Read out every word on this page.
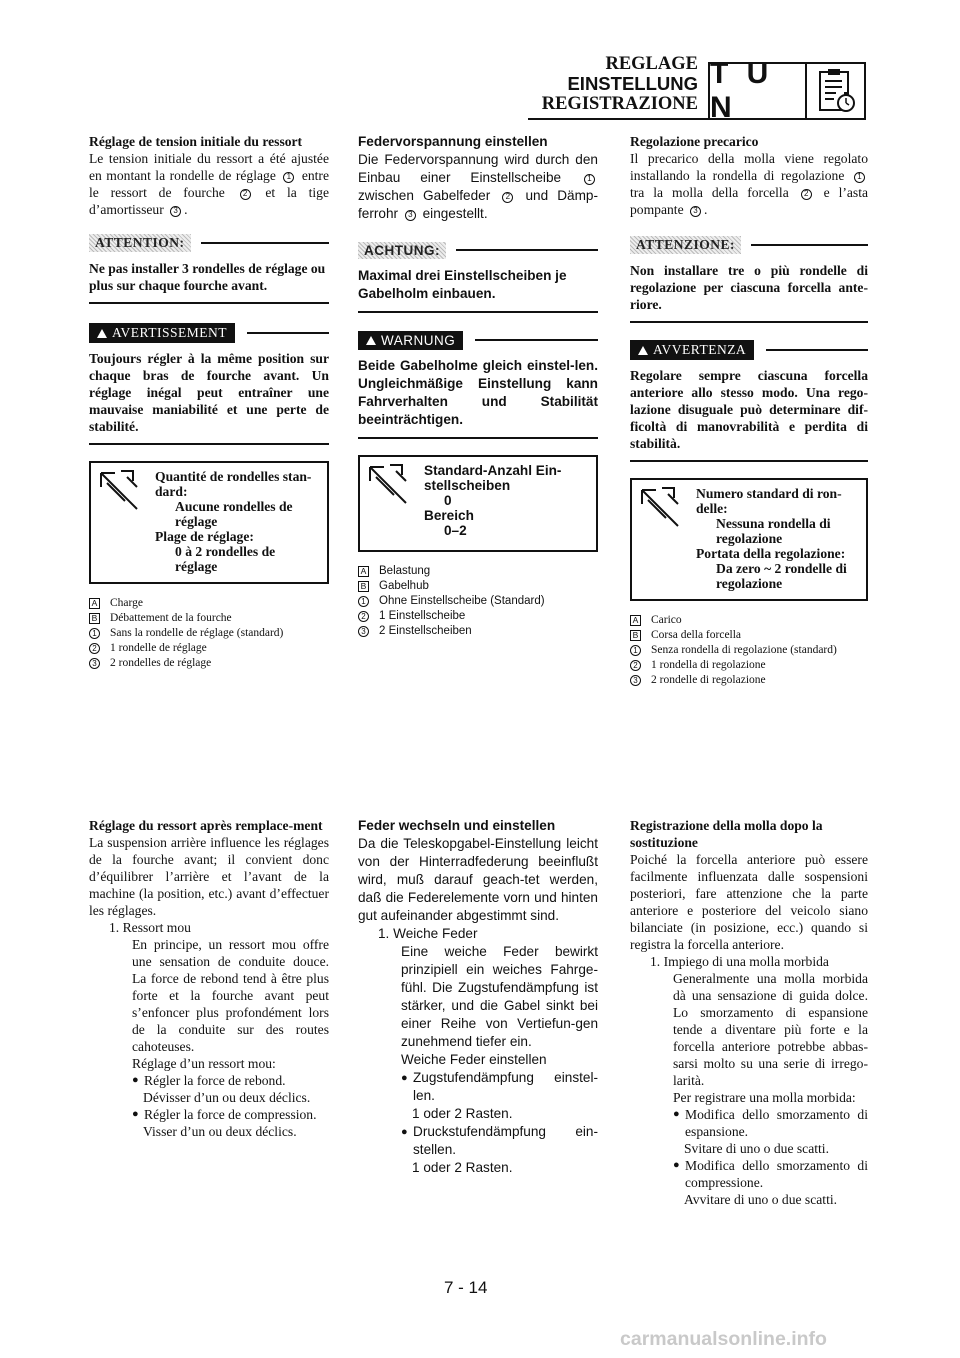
REGLAGE
EINSTELLUNG
REGISTRAZIONE
T U N
Réglage de tension initiale du ressort
Le tension initiale du ressort a été ajustée en montant la rondelle de réglage 1 entre le ressort de fourche 2 et la tige d’amortisseur 3 .
ATTENTION:
Ne pas installer 3 rondelles de réglage ou plus sur chaque fourche avant.
AVERTISSEMENT
Toujours régler à la même position sur chaque bras de fourche avant. Un réglage inégal peut entraîner une mauvaise maniabilité et une perte de stabilité.
Quantité de rondelles stan-
dard:
Aucune rondelles de
réglage
Plage de réglage:
0 à 2 rondelles de
réglage
A Charge
B Débattement de la fourche
1 Sans la rondelle de réglage (standard)
2 1 rondelle de réglage
3 2 rondelles de réglage
Federvorspannung einstellen
Die Federvorspannung wird durch den Einbau einer Einstellscheibe	1 zwischen Gabelfeder 2 und Dämp-ferrohr 3 eingestellt.
ACHTUNG:
Maximal drei Einstellscheiben je Gabelholm einbauen.
WARNUNG
Beide Gabelholme gleich einstel-len. Ungleichmäßige Einstellung kann Fahrverhalten und Stabilität beeinträchtigen.
Standard-Anzahl Ein-
stellscheiben
0
Bereich
0–2
A Belastung
B Gabelhub
1 Ohne Einstellscheibe (Standard)
2 1 Einstellscheibe
3 2 Einstellscheiben
Regolazione precarico
Il precarico della molla viene regolato installando la rondella di regolazione 1 tra la molla della forcella 2 e l’asta pompante 3 .
ATTENZIONE:
Non installare tre o più rondelle di regolazione per ciascuna forcella ante-riore.
AVVERTENZA
Regolare sempre ciascuna forcella anteriore allo stesso modo. Una rego-lazione disuguale può determinare dif-ficoltà di manovrabilità e perdita di stabilità.
Numero standard di ron-
delle:
Nessuna rondella di
regolazione
Portata della regolazione:
Da zero ~ 2 rondelle di
regolazione
A Carico
B Corsa della forcella
1 Senza rondella di regolazione (standard)
2 1 rondella di regolazione
3 2 rondelle di regolazione
Réglage du ressort après remplace-ment
La suspension arrière influence les réglages de la fourche avant; il convient donc d’équilibrer l’arrière et l’avant de la machine (la position, etc.) avant d’effectuer les réglages.
1. Ressort mou
En principe, un ressort mou offre une sensation de conduite douce. La force de rebond tend à être plus forte et la fourche avant peut s’enfoncer plus profondément lors de la conduite sur des routes cahoteuses.
Réglage d’un ressort mou:
● Régler la force de rebond.
Dévisser d’un ou deux déclics.
● Régler la force de compression.
Visser d’un ou deux déclics.
Feder wechseln und einstellen
Da die Teleskopgabel-Einstellung leicht von der Hinterradfederung beeinflußt wird, muß darauf geach-tet werden, daß die Federelemente vorn und hinten gut aufeinander abgestimmt sind.
1. Weiche Feder
Eine weiche Feder bewirkt prinzipiell ein weiches Fahrge-fühl. Die Zugstufendämpfung ist stärker, und die Gabel sinkt bei einer Reihe von Vertiefun-gen zunehmend tiefer ein.
Weiche Feder einstellen
● Zugstufendämpfung einstel-len.
1 oder 2 Rasten.
● Druckstufendämpfung ein-stellen.
1 oder 2 Rasten.
Registrazione della molla dopo la sostituzione
Poiché la forcella anteriore può essere facilmente influenzata dalle sospensioni posteriori, fare attenzione che la parte anteriore e posteriore del veicolo siano bilanciate (in posizione, ecc.) quando si registra la forcella anteriore.
1. Impiego di una molla morbida
Generalmente una molla morbida dà una sensazione di guida dolce. Lo smorzamento di espansione tende a diventare più forte e la forcella anteriore potrebbe abbas-sarsi molto su una serie di irrego-larità.
Per registrare una molla morbida:
● Modifica dello smorzamento di espansione.
Svitare di uno o due scatti.
● Modifica dello smorzamento di compressione.
Avvitare di uno o due scatti.
7 - 14
carmanualsonline.info
